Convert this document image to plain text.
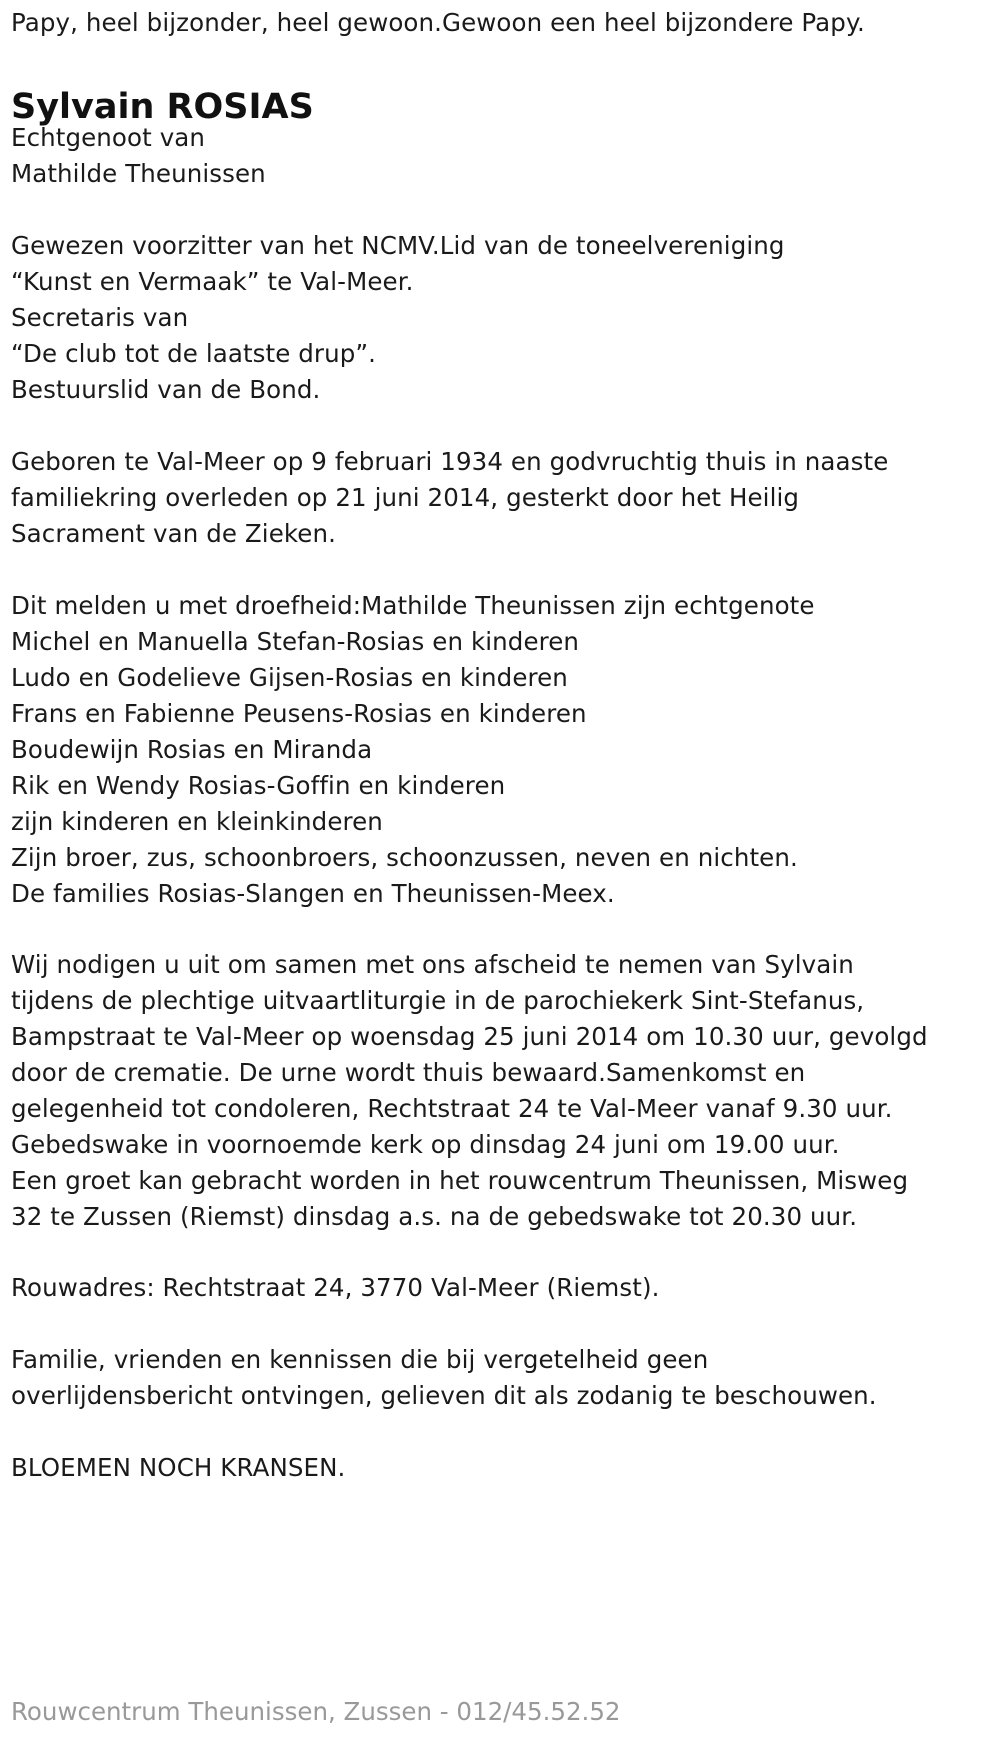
Papy, heel bijzonder, heel gewoon.Gewoon een heel bijzondere Papy.
Sylvain ROSIAS
Echtgenoot van
Mathilde Theunissen
Gewezen voorzitter van het NCMV.Lid van de toneelvereniging
“Kunst en Vermaak” te Val-Meer.
Secretaris van
“De club tot de laatste drup”.
Bestuurslid van de Bond.
Geboren te Val-Meer op 9 februari 1934 en godvruchtig thuis in naaste
familiekring overleden op 21 juni 2014, gesterkt door het Heilig
Sacrament van de Zieken.
Dit melden u met droefheid:Mathilde Theunissen zijn echtgenote
Michel en Manuella Stefan-Rosias en kinderen
Ludo en Godelieve Gijsen-Rosias en kinderen
Frans en Fabienne Peusens-Rosias en kinderen
Boudewijn Rosias en Miranda
Rik en Wendy Rosias-Goffin en kinderen
zijn kinderen en kleinkinderen
Zijn broer, zus, schoonbroers, schoonzussen, neven en nichten.
De families Rosias-Slangen en Theunissen-Meex.
Wij nodigen u uit om samen met ons afscheid te nemen van Sylvain
tijdens de plechtige uitvaartliturgie in de parochiekerk Sint-Stefanus,
Bampstraat te Val-Meer op woensdag 25 juni 2014 om 10.30 uur, gevolgd
door de crematie. De urne wordt thuis bewaard.Samenkomst en
gelegenheid tot condoleren, Rechtstraat 24 te Val-Meer vanaf 9.30 uur.
Gebedswake in voornoemde kerk op dinsdag 24 juni om 19.00 uur.
Een groet kan gebracht worden in het rouwcentrum Theunissen, Misweg
32 te Zussen (Riemst) dinsdag a.s. na de gebedswake tot 20.30 uur.
Rouwadres: Rechtstraat 24, 3770 Val-Meer (Riemst).
Familie, vrienden en kennissen die bij vergetelheid geen
overlijdensbericht ontvingen, gelieven dit als zodanig te beschouwen.
BLOEMEN NOCH KRANSEN.
Rouwcentrum Theunissen, Zussen - 012/45.52.52
